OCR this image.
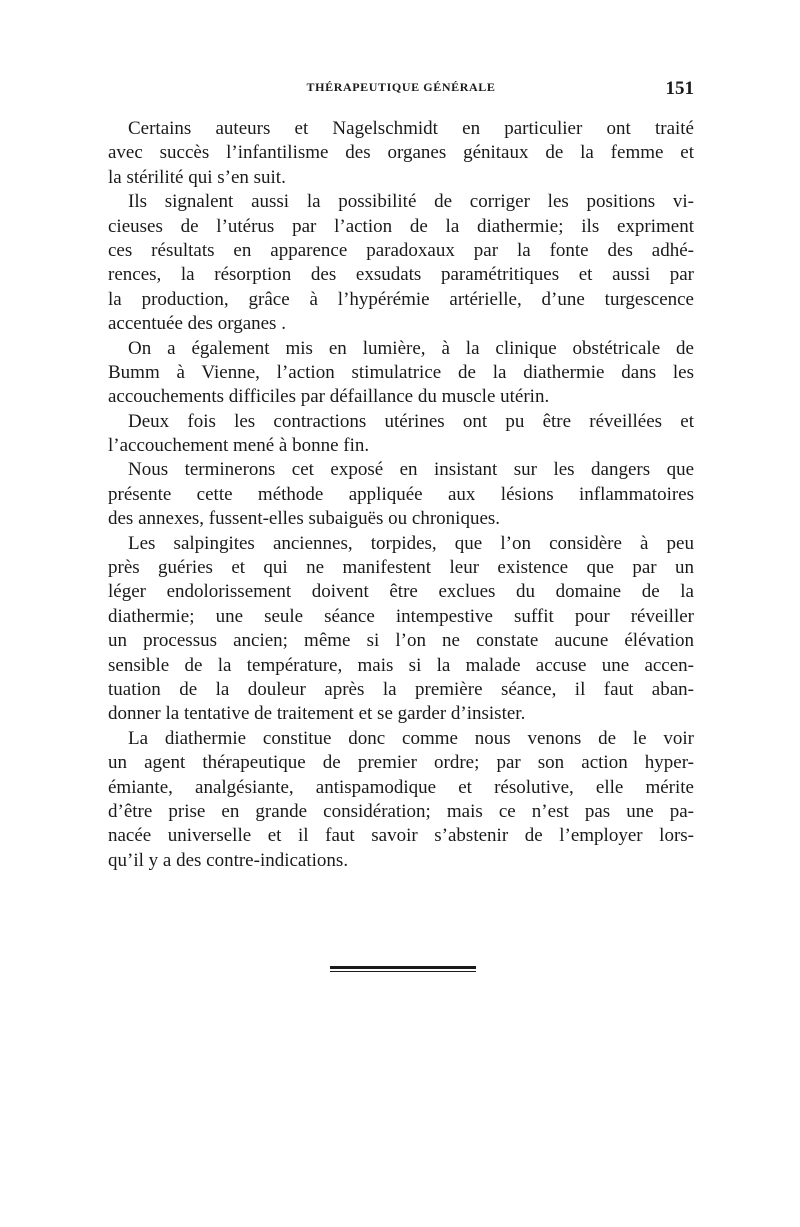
THÉRAPEUTIQUE GÉNÉRALE	151
Certains auteurs et Nagelschmidt en particulier ont traité
avec succès l’infantilisme des organes génitaux de la femme et
la stérilité qui s’en suit.
Ils signalent aussi la possibilité de corriger les positions vi-
cieuses de l’utérus par l’action de la diathermie; ils expriment
ces résultats en apparence paradoxaux par la fonte des adhé-
rences, la résorption des exsudats paramétritiques et aussi par
la production, grâce à l’hypérémie artérielle, d’une turgescence
accentuée des organes .
On a également mis en lumière, à la clinique obstétricale de
Bumm à Vienne, l’action stimulatrice de la diathermie dans les
accouchements difficiles par défaillance du muscle utérin.
Deux fois les contractions utérines ont pu être réveillées et
l’accouchement mené à bonne fin.
Nous terminerons cet exposé en insistant sur les dangers que
présente cette méthode appliquée aux lésions inflammatoires
des annexes, fussent-elles subaiguës ou chroniques.
Les salpingites anciennes, torpides, que l’on considère à peu
près guéries et qui ne manifestent leur existence que par un
léger endolorissement doivent être exclues du domaine de la
diathermie; une seule séance intempestive suffit pour réveiller
un processus ancien; même si l’on ne constate aucune élévation
sensible de la température, mais si la malade accuse une accen-
tuation de la douleur après la première séance, il faut aban-
donner la tentative de traitement et se garder d’insister.
La diathermie constitue donc comme nous venons de le voir
un agent thérapeutique de premier ordre; par son action hyper-
émiante, analgésiante, antispamodique et résolutive, elle mérite
d’être prise en grande considération; mais ce n’est pas une pa-
nacée universelle et il faut savoir s’abstenir de l’employer lors-
qu’il y a des contre-indications.
